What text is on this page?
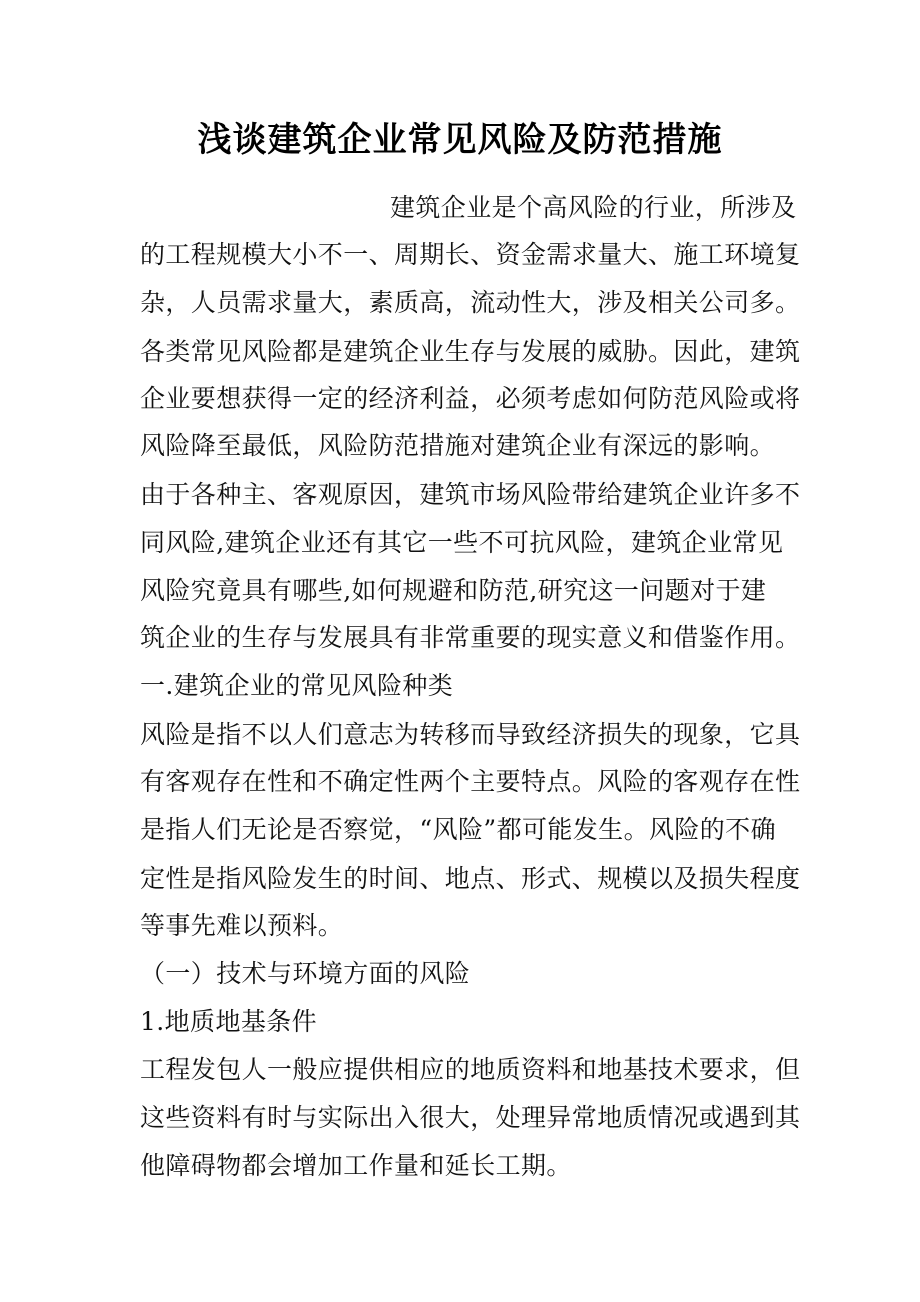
浅谈建筑企业常见风险及防范措施
建筑企业是个高风险的行业，所涉及
的工程规模大小不一、周期长、资金需求量大、施工环境复
杂，人员需求量大，素质高，流动性大，涉及相关公司多。
各类常见风险都是建筑企业生存与发展的威胁。因此，建筑
企业要想获得一定的经济利益，必须考虑如何防范风险或将
风险降至最低，风险防范措施对建筑企业有深远的影响。
由于各种主、客观原因，建筑市场风险带给建筑企业许多不
同风险,建筑企业还有其它一些不可抗风险，建筑企业常见
风险究竟具有哪些,如何规避和防范,研究这一问题对于建
筑企业的生存与发展具有非常重要的现实意义和借鉴作用。
一.建筑企业的常见风险种类
风险是指不以人们意志为转移而导致经济损失的现象，它具
有客观存在性和不确定性两个主要特点。风险的客观存在性
是指人们无论是否察觉，“风险”都可能发生。风险的不确
定性是指风险发生的时间、地点、形式、规模以及损失程度
等事先难以预料。
（一）技术与环境方面的风险
1.地质地基条件
工程发包人一般应提供相应的地质资料和地基技术要求，但
这些资料有时与实际出入很大，处理异常地质情况或遇到其
他障碍物都会增加工作量和延长工期。
